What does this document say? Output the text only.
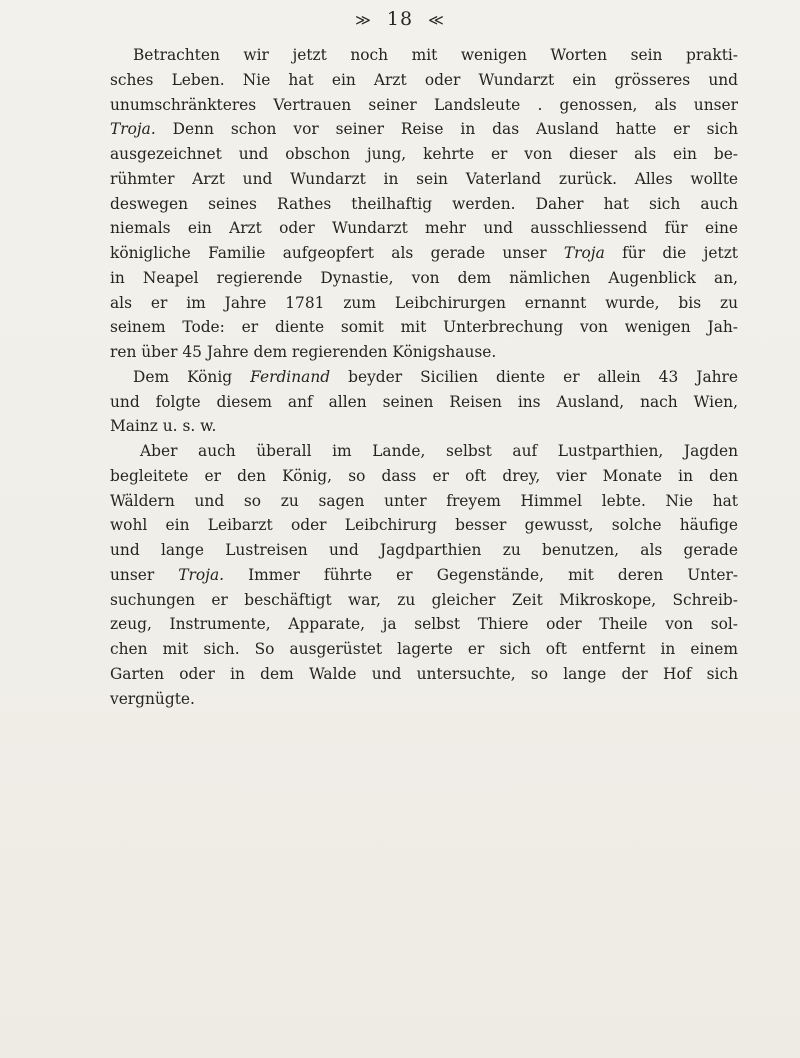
≫ 18 ≪
Betrachten wir jetzt noch mit wenigen Worten sein prakti-
sches Leben. Nie hat ein Arzt oder Wundarzt ein grösseres und
unumschränkteres Vertrauen seiner Landsleute . genossen, als unser
Troja. Denn schon vor seiner Reise in das Ausland hatte er sich
ausgezeichnet und obschon jung, kehrte er von dieser als ein be-
rühmter Arzt und Wundarzt in sein Vaterland zurück. Alles wollte
deswegen seines Rathes theilhaftig werden. Daher hat sich auch
niemals ein Arzt oder Wundarzt mehr und ausschliessend für eine
königliche Familie aufgeopfert als gerade unser Troja für die jetzt
in Neapel regierende Dynastie, von dem nämlichen Augenblick an,
als er im Jahre 1781 zum Leibchirurgen ernannt wurde, bis zu
seinem Tode: er diente somit mit Unterbrechung von wenigen Jah-
ren über 45 Jahre dem regierenden Königshause.
Dem König Ferdinand beyder Sicilien diente er allein 43 Jahre
und folgte diesem anf allen seinen Reisen ins Ausland, nach Wien,
Mainz u. s. w.
Aber auch überall im Lande, selbst auf Lustparthien, Jagden
begleitete er den König, so dass er oft drey, vier Monate in den
Wäldern und so zu sagen unter freyem Himmel lebte. Nie hat
wohl ein Leibarzt oder Leibchirurg besser gewusst, solche häufige
und lange Lustreisen und Jagdparthien zu benutzen, als gerade
unser Troja. Immer führte er Gegenstände, mit deren Unter-
suchungen er beschäftigt war, zu gleicher Zeit Mikroskope, Schreib-
zeug, Instrumente, Apparate, ja selbst Thiere oder Theile von sol-
chen mit sich. So ausgerüstet lagerte er sich oft entfernt in einem
Garten oder in dem Walde und untersuchte, so lange der Hof sich
vergnügte.
